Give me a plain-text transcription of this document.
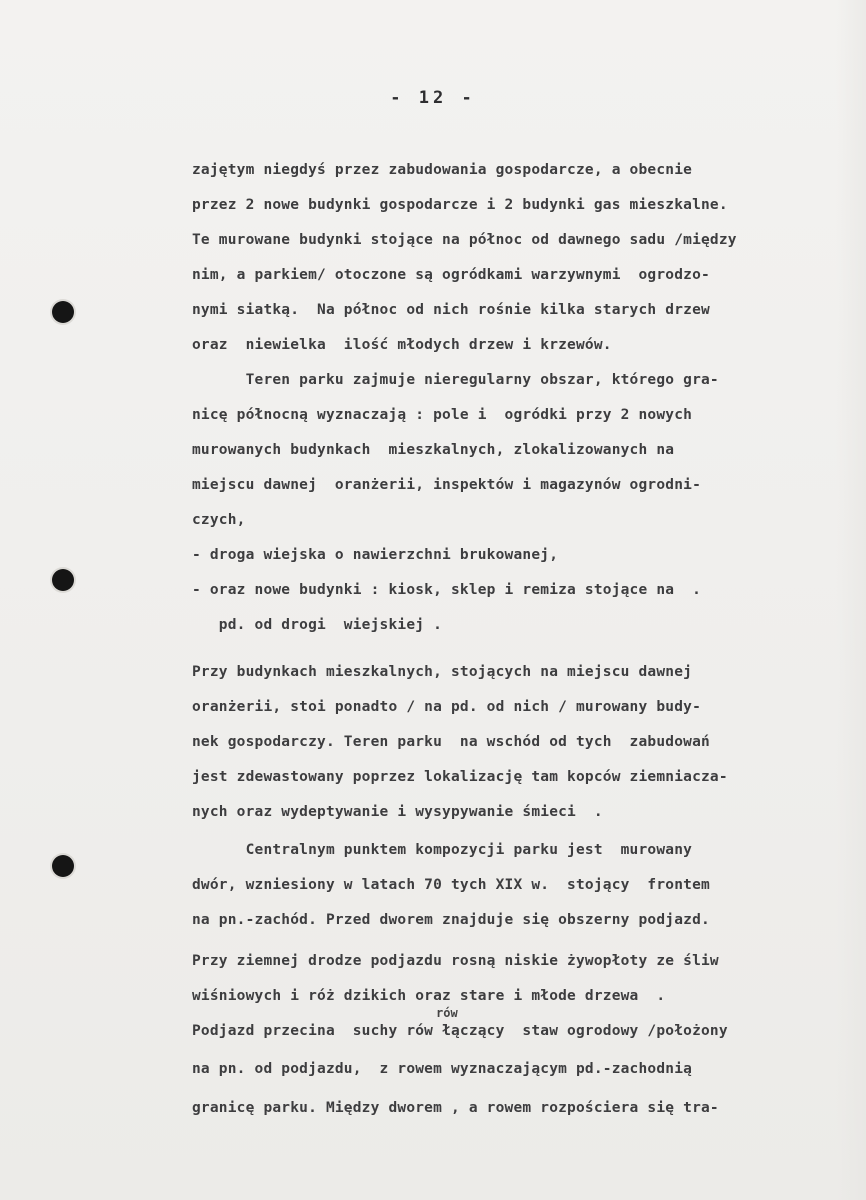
- 12 -
zajętym niegdyś przez zabudowania gospodarcze, a obecnie
przez 2 nowe budynki gospodarcze i 2 budynki gas mieszkalne.
Te murowane budynki stojące na północ od dawnego sadu /między
nim, a parkiem/ otoczone są ogródkami warzywnymi  ogrodzo-
nymi siatką.  Na północ od nich rośnie kilka starych drzew
oraz  niewielka  ilość młodych drzew i krzewów.
Teren parku zajmuje nieregularny obszar, którego gra-
nicę północną wyznaczają : pole i  ogródki przy 2 nowych
murowanych budynkach  mieszkalnych, zlokalizowanych na
miejscu dawnej  oranżerii, inspektów i magazynów ogrodni-
czych,
- droga wiejska o nawierzchni brukowanej,
- oraz nowe budynki : kiosk, sklep i remiza stojące na  .
pd. od drogi  wiejskiej .
Przy budynkach mieszkalnych, stojących na miejscu dawnej
oranżerii, stoi ponadto / na pd. od nich / murowany budy-
nek gospodarczy. Teren parku  na wschód od tych  zabudowań
jest zdewastowany poprzez lokalizację tam kopców ziemniacza-
nych oraz wydeptywanie i wysypywanie śmieci  .
Centralnym punktem kompozycji parku jest  murowany
dwór, wzniesiony w latach 70 tych XIX w.  stojący  frontem
na pn.-zachód. Przed dworem znajduje się obszerny podjazd.
Przy ziemnej drodze podjazdu rosną niskie żywopłoty ze śliw
wiśniowych i róż dzikich oraz stare i młode drzewa  .
rów
Podjazd przecina  suchy rów łączący  staw ogrodowy /położony
na pn. od podjazdu,  z rowem wyznaczającym pd.-zachodnią
granicę parku. Między dworem , a rowem rozpościera się tra-
